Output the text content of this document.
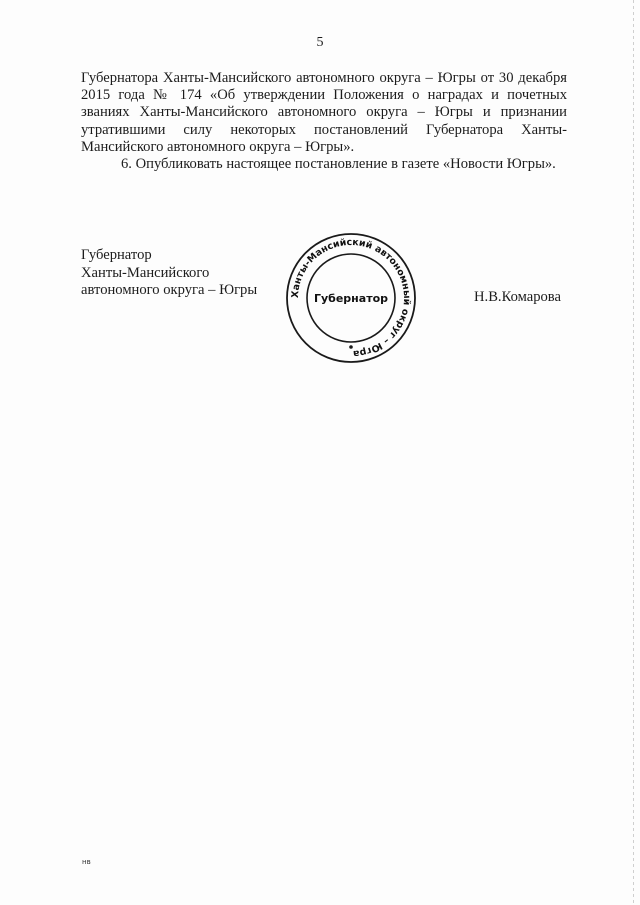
5

Губернатора Ханты-Мансийского автономного округа – Югры от 30 декабря 2015 года № 174 «Об утверждении Положения о наградах и почетных званиях Ханты-Мансийского автономного округа – Югры и признании утратившими силу некоторых постановлений Губернатора Ханты-Мансийского автономного округа – Югры».

6. Опубликовать настоящее постановление в газете «Новости Югры».

Губернатор
Ханты-Мансийского
автономного округа – Югры	Ханты-Мансийский автономный округ – Югра
Губернатор	Н.В.Комарова
нв
